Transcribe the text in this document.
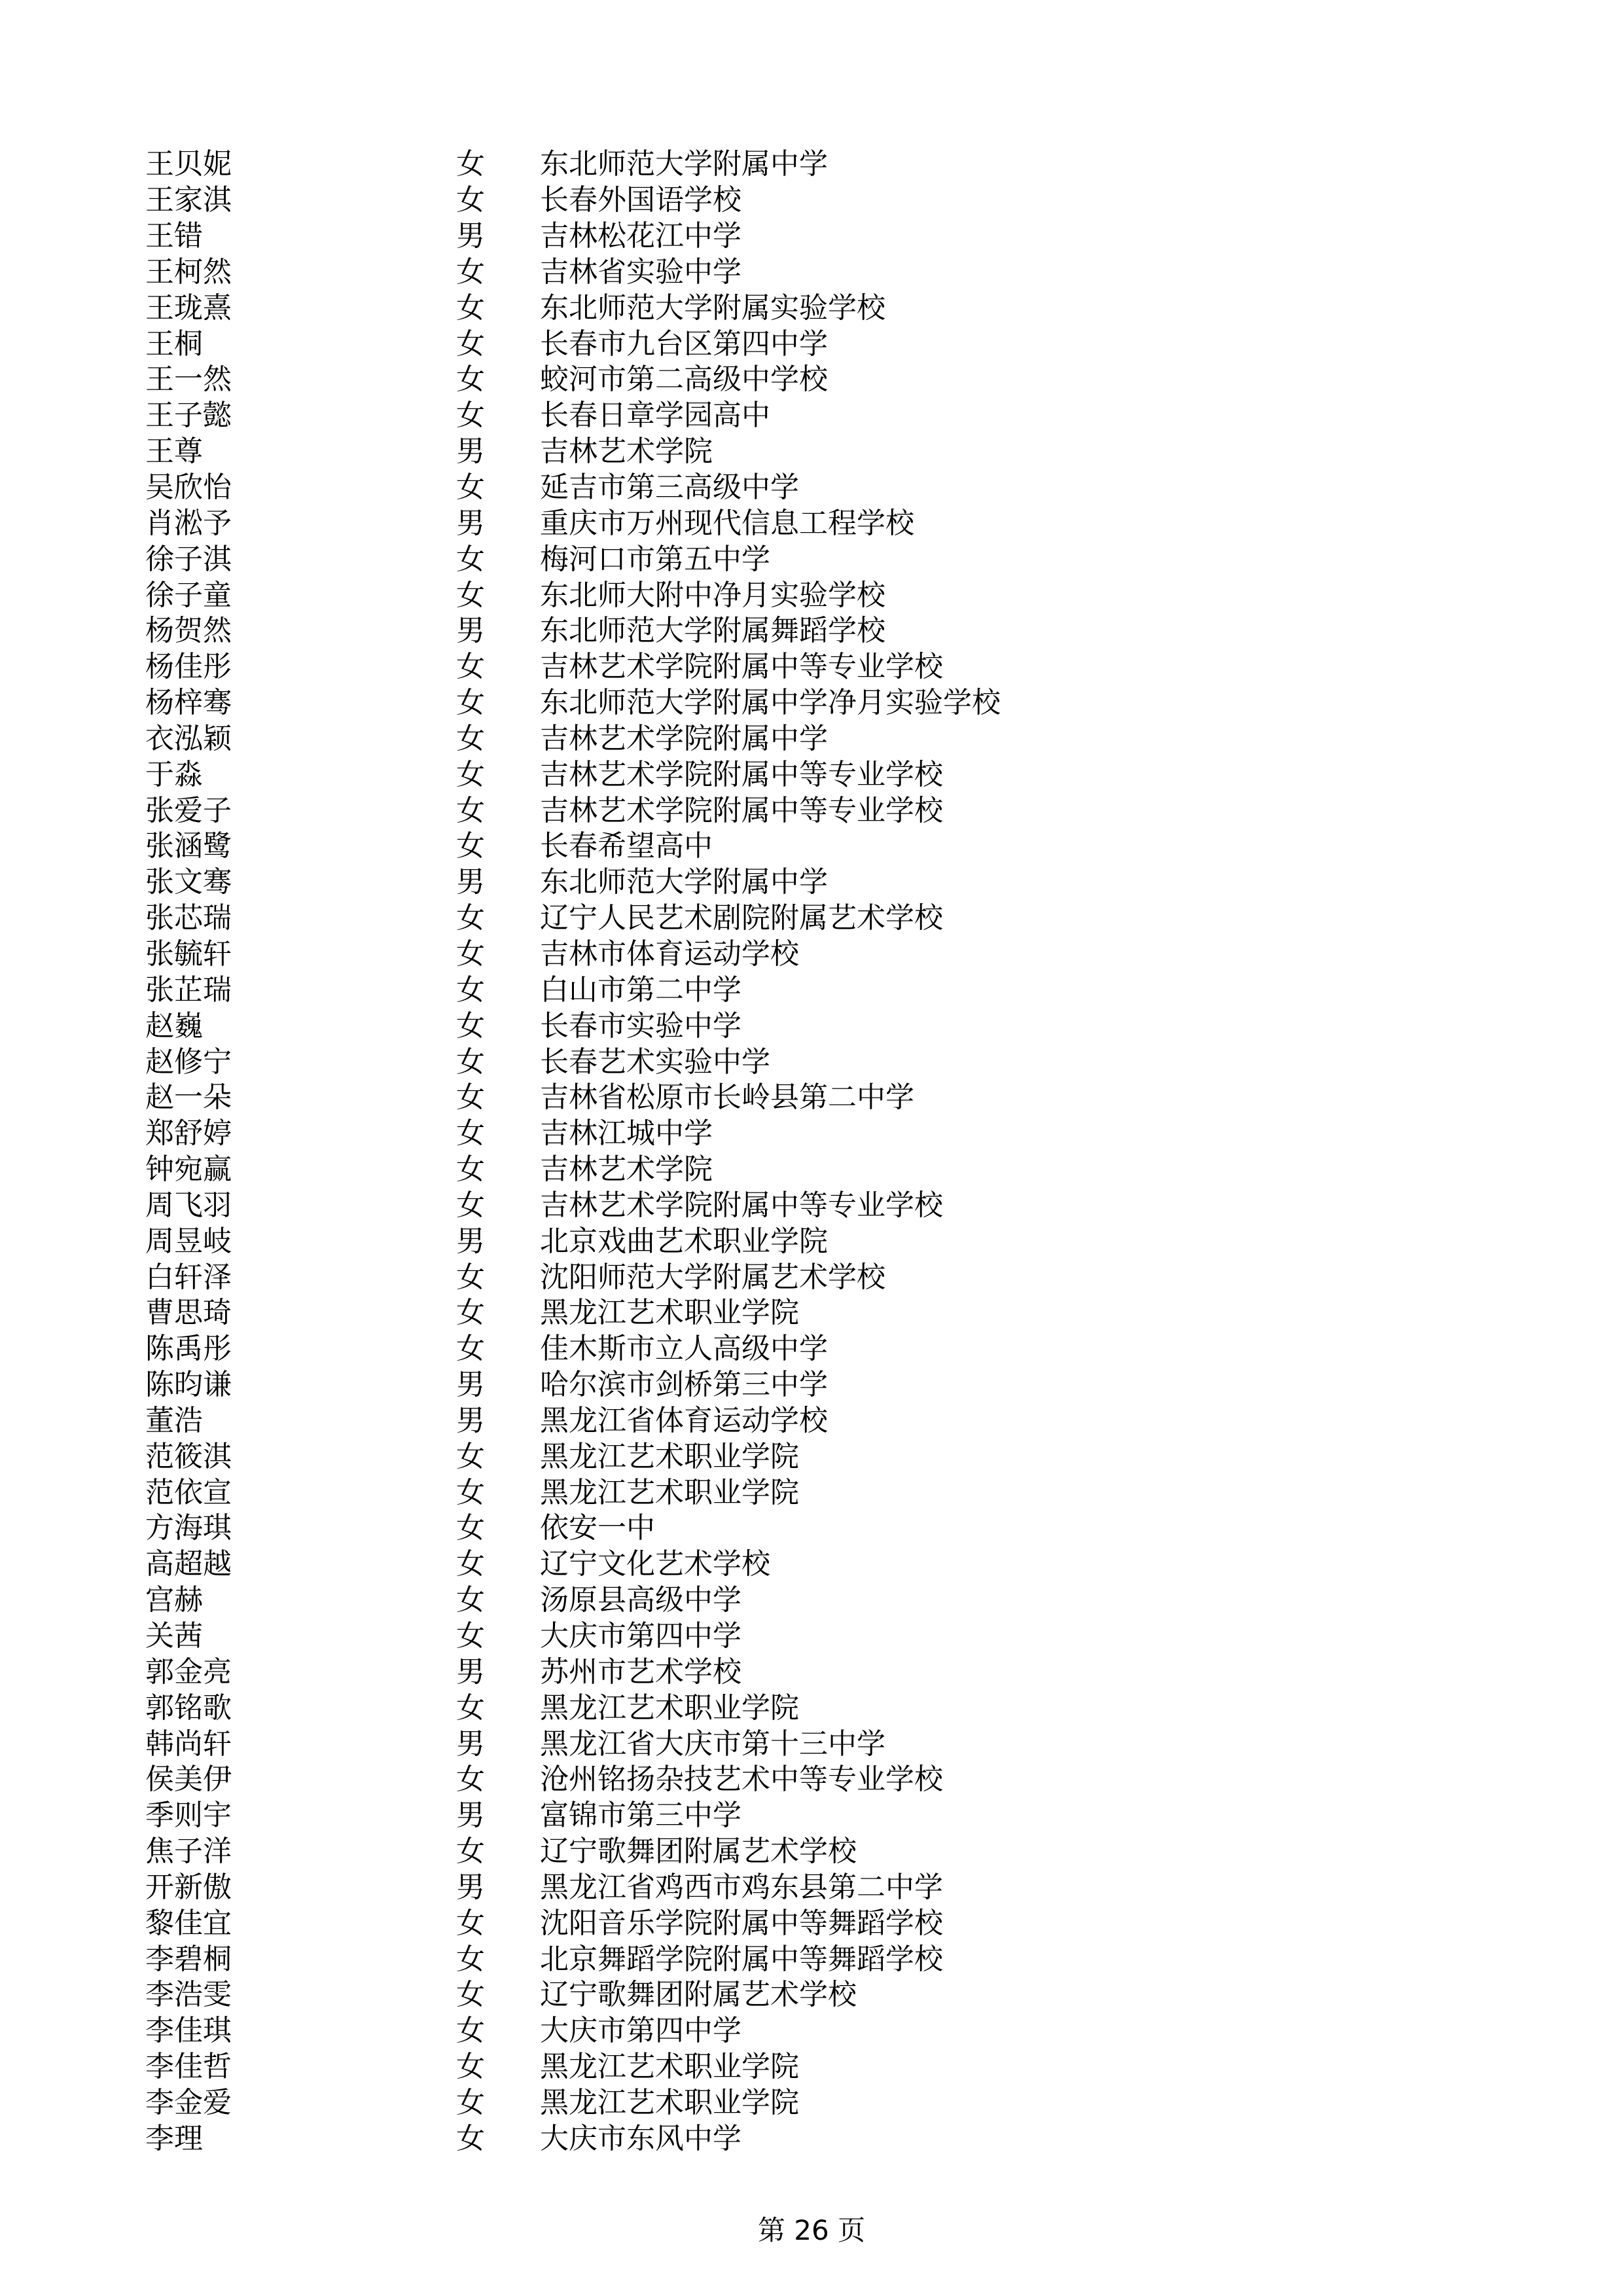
王贝妮	女	东北师范大学附属中学
王家淇	女	长春外国语学校
王错	男	吉林松花江中学
王柯然	女	吉林省实验中学
王珑熹	女	东北师范大学附属实验学校
王桐	女	长春市九台区第四中学
王一然	女	蛟河市第二高级中学校
王子懿	女	长春日章学园高中
王尊	男	吉林艺术学院
吴欣怡	女	延吉市第三高级中学
肖淞予	男	重庆市万州现代信息工程学校
徐子淇	女	梅河口市第五中学
徐子童	女	东北师大附中净月实验学校
杨贺然	男	东北师范大学附属舞蹈学校
杨佳彤	女	吉林艺术学院附属中等专业学校
杨梓骞	女	东北师范大学附属中学净月实验学校
衣泓颖	女	吉林艺术学院附属中学
于淼	女	吉林艺术学院附属中等专业学校
张爱子	女	吉林艺术学院附属中等专业学校
张涵鹭	女	长春希望高中
张文骞	男	东北师范大学附属中学
张芯瑞	女	辽宁人民艺术剧院附属艺术学校
张毓轩	女	吉林市体育运动学校
张芷瑞	女	白山市第二中学
赵巍	女	长春市实验中学
赵修宁	女	长春艺术实验中学
赵一朵	女	吉林省松原市长岭县第二中学
郑舒婷	女	吉林江城中学
钟宛赢	女	吉林艺术学院
周飞羽	女	吉林艺术学院附属中等专业学校
周昱岐	男	北京戏曲艺术职业学院
白轩泽	女	沈阳师范大学附属艺术学校
曹思琦	女	黑龙江艺术职业学院
陈禹彤	女	佳木斯市立人高级中学
陈昀谦	男	哈尔滨市剑桥第三中学
董浩	男	黑龙江省体育运动学校
范筱淇	女	黑龙江艺术职业学院
范依宣	女	黑龙江艺术职业学院
方海琪	女	依安一中
高超越	女	辽宁文化艺术学校
宫赫	女	汤原县高级中学
关茜	女	大庆市第四中学
郭金亮	男	苏州市艺术学校
郭铭歌	女	黑龙江艺术职业学院
韩尚轩	男	黑龙江省大庆市第十三中学
侯美伊	女	沧州铭扬杂技艺术中等专业学校
季则宇	男	富锦市第三中学
焦子洋	女	辽宁歌舞团附属艺术学校
开新傲	男	黑龙江省鸡西市鸡东县第二中学
黎佳宜	女	沈阳音乐学院附属中等舞蹈学校
李碧桐	女	北京舞蹈学院附属中等舞蹈学校
李浩雯	女	辽宁歌舞团附属艺术学校
李佳琪	女	大庆市第四中学
李佳哲	女	黑龙江艺术职业学院
李金爱	女	黑龙江艺术职业学院
李理	女	大庆市东风中学
第 26 页
